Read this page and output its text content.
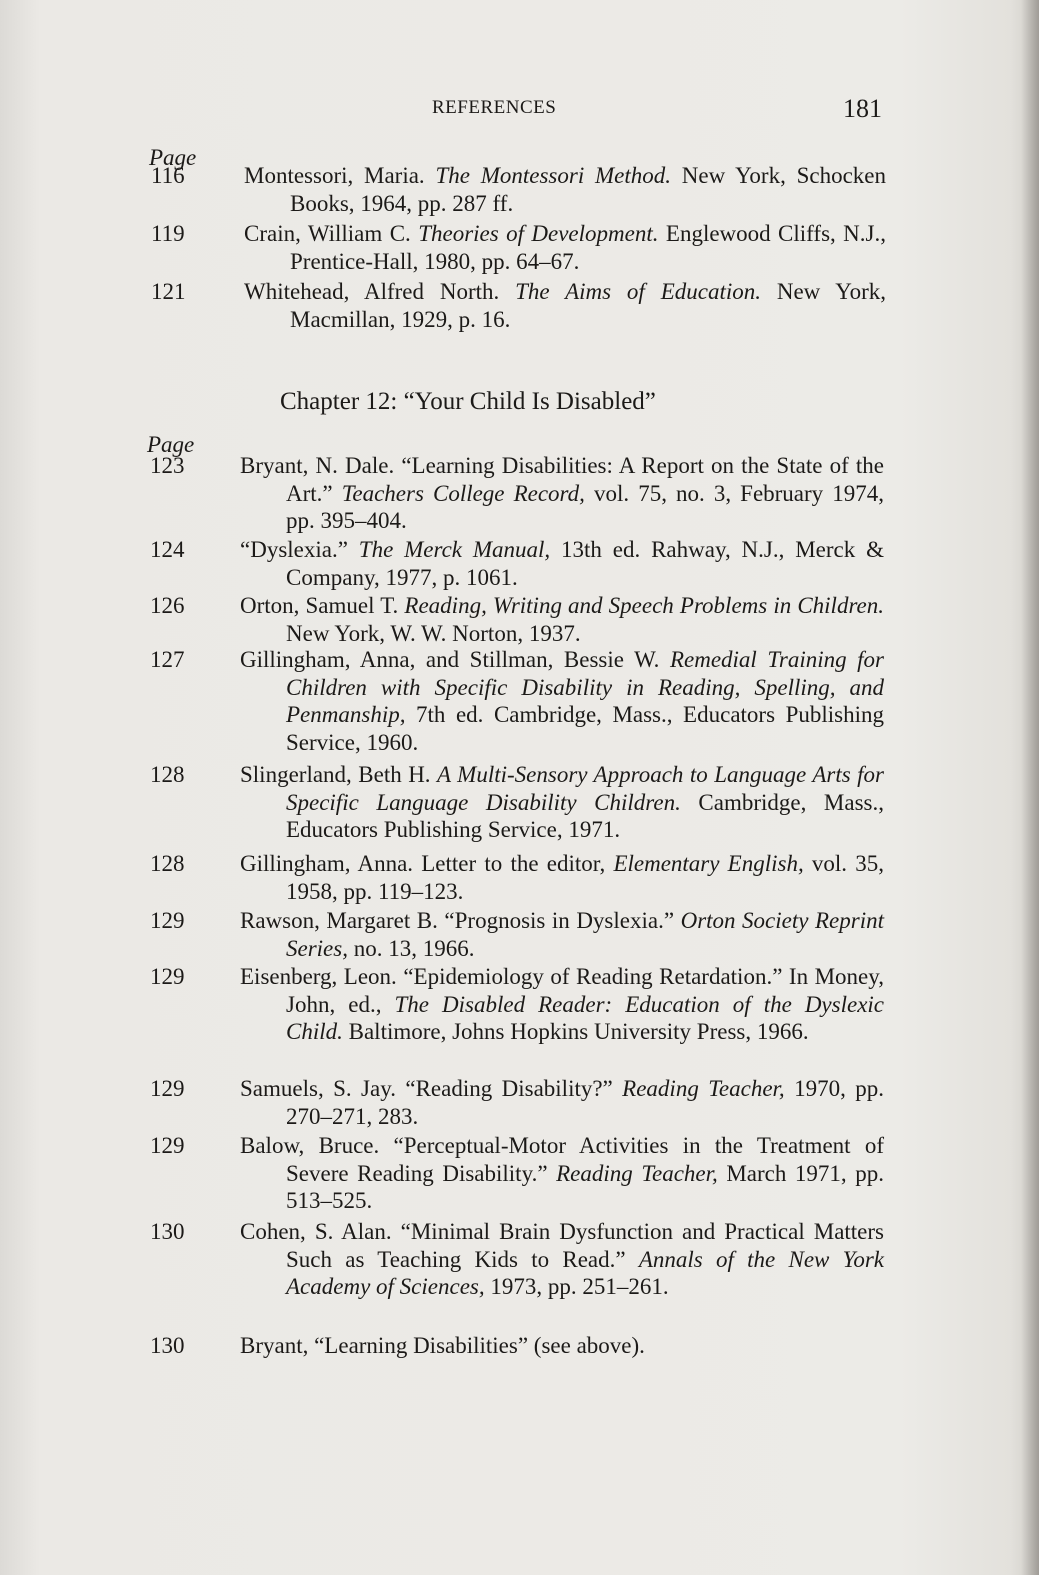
REFERENCES	181
Page
116	Montessori, Maria. The Montessori Method. New York, Schocken Books, 1964, pp. 287 ff.
119	Crain, William C. Theories of Development. Englewood Cliffs, N.J., Prentice-Hall, 1980, pp. 64–67.
121	Whitehead, Alfred North. The Aims of Education. New York, Macmillan, 1929, p. 16.
Chapter 12: “Your Child Is Disabled”
Page
123 Bryant, N. Dale. “Learning Disabilities: A Report on the State of the Art.” Teachers College Record, vol. 75, no. 3, February 1974, pp. 395–404.
124 “Dyslexia.” The Merck Manual, 13th ed. Rahway, N.J., Merck & Company, 1977, p. 1061.
126 Orton, Samuel T. Reading, Writing and Speech Problems in Children. New York, W. W. Norton, 1937.
127 Gillingham, Anna, and Stillman, Bessie W. Remedial Training for Children with Specific Disability in Reading, Spelling, and Penmanship, 7th ed. Cambridge, Mass., Educators Publishing Service, 1960.
128 Slingerland, Beth H. A Multi-Sensory Approach to Language Arts for Specific Language Disability Children. Cambridge, Mass., Educators Publishing Service, 1971.
128 Gillingham, Anna. Letter to the editor, Elementary English, vol. 35, 1958, pp. 119–123.
129 Rawson, Margaret B. “Prognosis in Dyslexia.” Orton Society Reprint Series, no. 13, 1966.
129 Eisenberg, Leon. “Epidemiology of Reading Retardation.” In Money, John, ed., The Disabled Reader: Education of the Dyslexic Child. Baltimore, Johns Hopkins University Press, 1966.
129 Samuels, S. Jay. “Reading Disability?” Reading Teacher, 1970, pp. 270–271, 283.
129 Balow, Bruce. “Perceptual-Motor Activities in the Treatment of Severe Reading Disability.” Reading Teacher, March 1971, pp. 513–525.
130 Cohen, S. Alan. “Minimal Brain Dysfunction and Practical Matters Such as Teaching Kids to Read.” Annals of the New York Academy of Sciences, 1973, pp. 251–261.
130 Bryant, “Learning Disabilities” (see above).
